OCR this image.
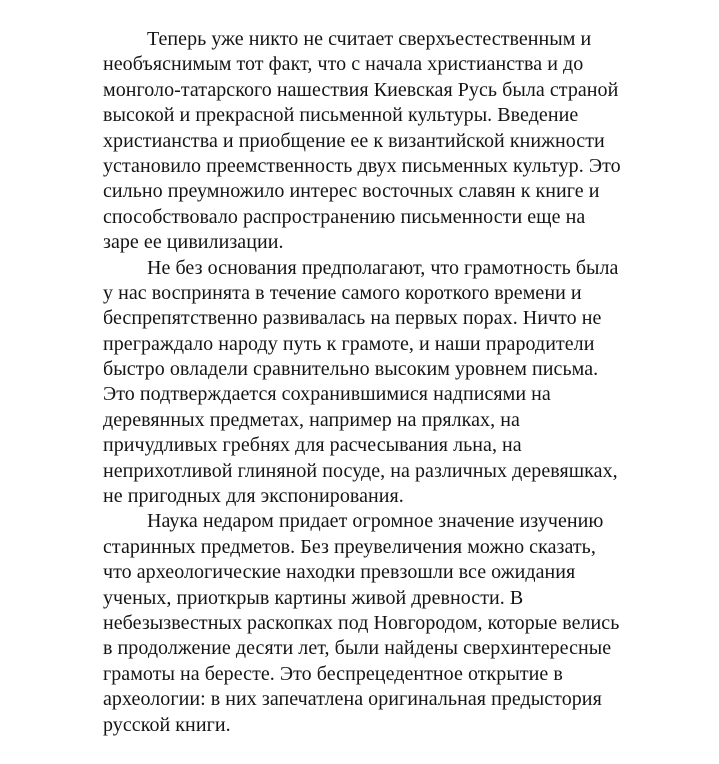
Теперь уже никто не считает сверхъестественным и
необъяснимым тот факт, что с начала христианства и до
монголо-татарского нашествия Киевская Русь была страной
высокой и прекрасной письменной культуры. Введение
христианства и приобщение ее к византийской книжности
установило преемственность двух письменных культур. Это
сильно преумножило интерес восточных славян к книге и
способствовало распространению письменности еще на
заре ее цивилизации.

Не без основания предполагают, что грамотность была
у нас воспринята в течение самого короткого времени и
беспрепятственно развивалась на первых порах. Ничто не
преграждало народу путь к грамоте, и наши прародители
быстро овладели сравнительно высоким уровнем письма.
Это подтверждается сохранившимися надписями на
деревянных предметах, например на прялках, на
причудливых гребнях для расчесывания льна, на
неприхотливой глиняной посуде, на различных деревяшках,
не пригодных для экспонирования.

Наука недаром придает огромное значение изучению
старинных предметов. Без преувеличения можно сказать,
что археологические находки превзошли все ожидания
ученых, приоткрыв картины живой древности. В
небезызвестных раскопках под Новгородом, которые велись
в продолжение десяти лет, были найдены сверхинтересные
грамоты на бересте. Это беспрецедентное открытие в
археологии: в них запечатлена оригинальная предыстория
русской книги.
